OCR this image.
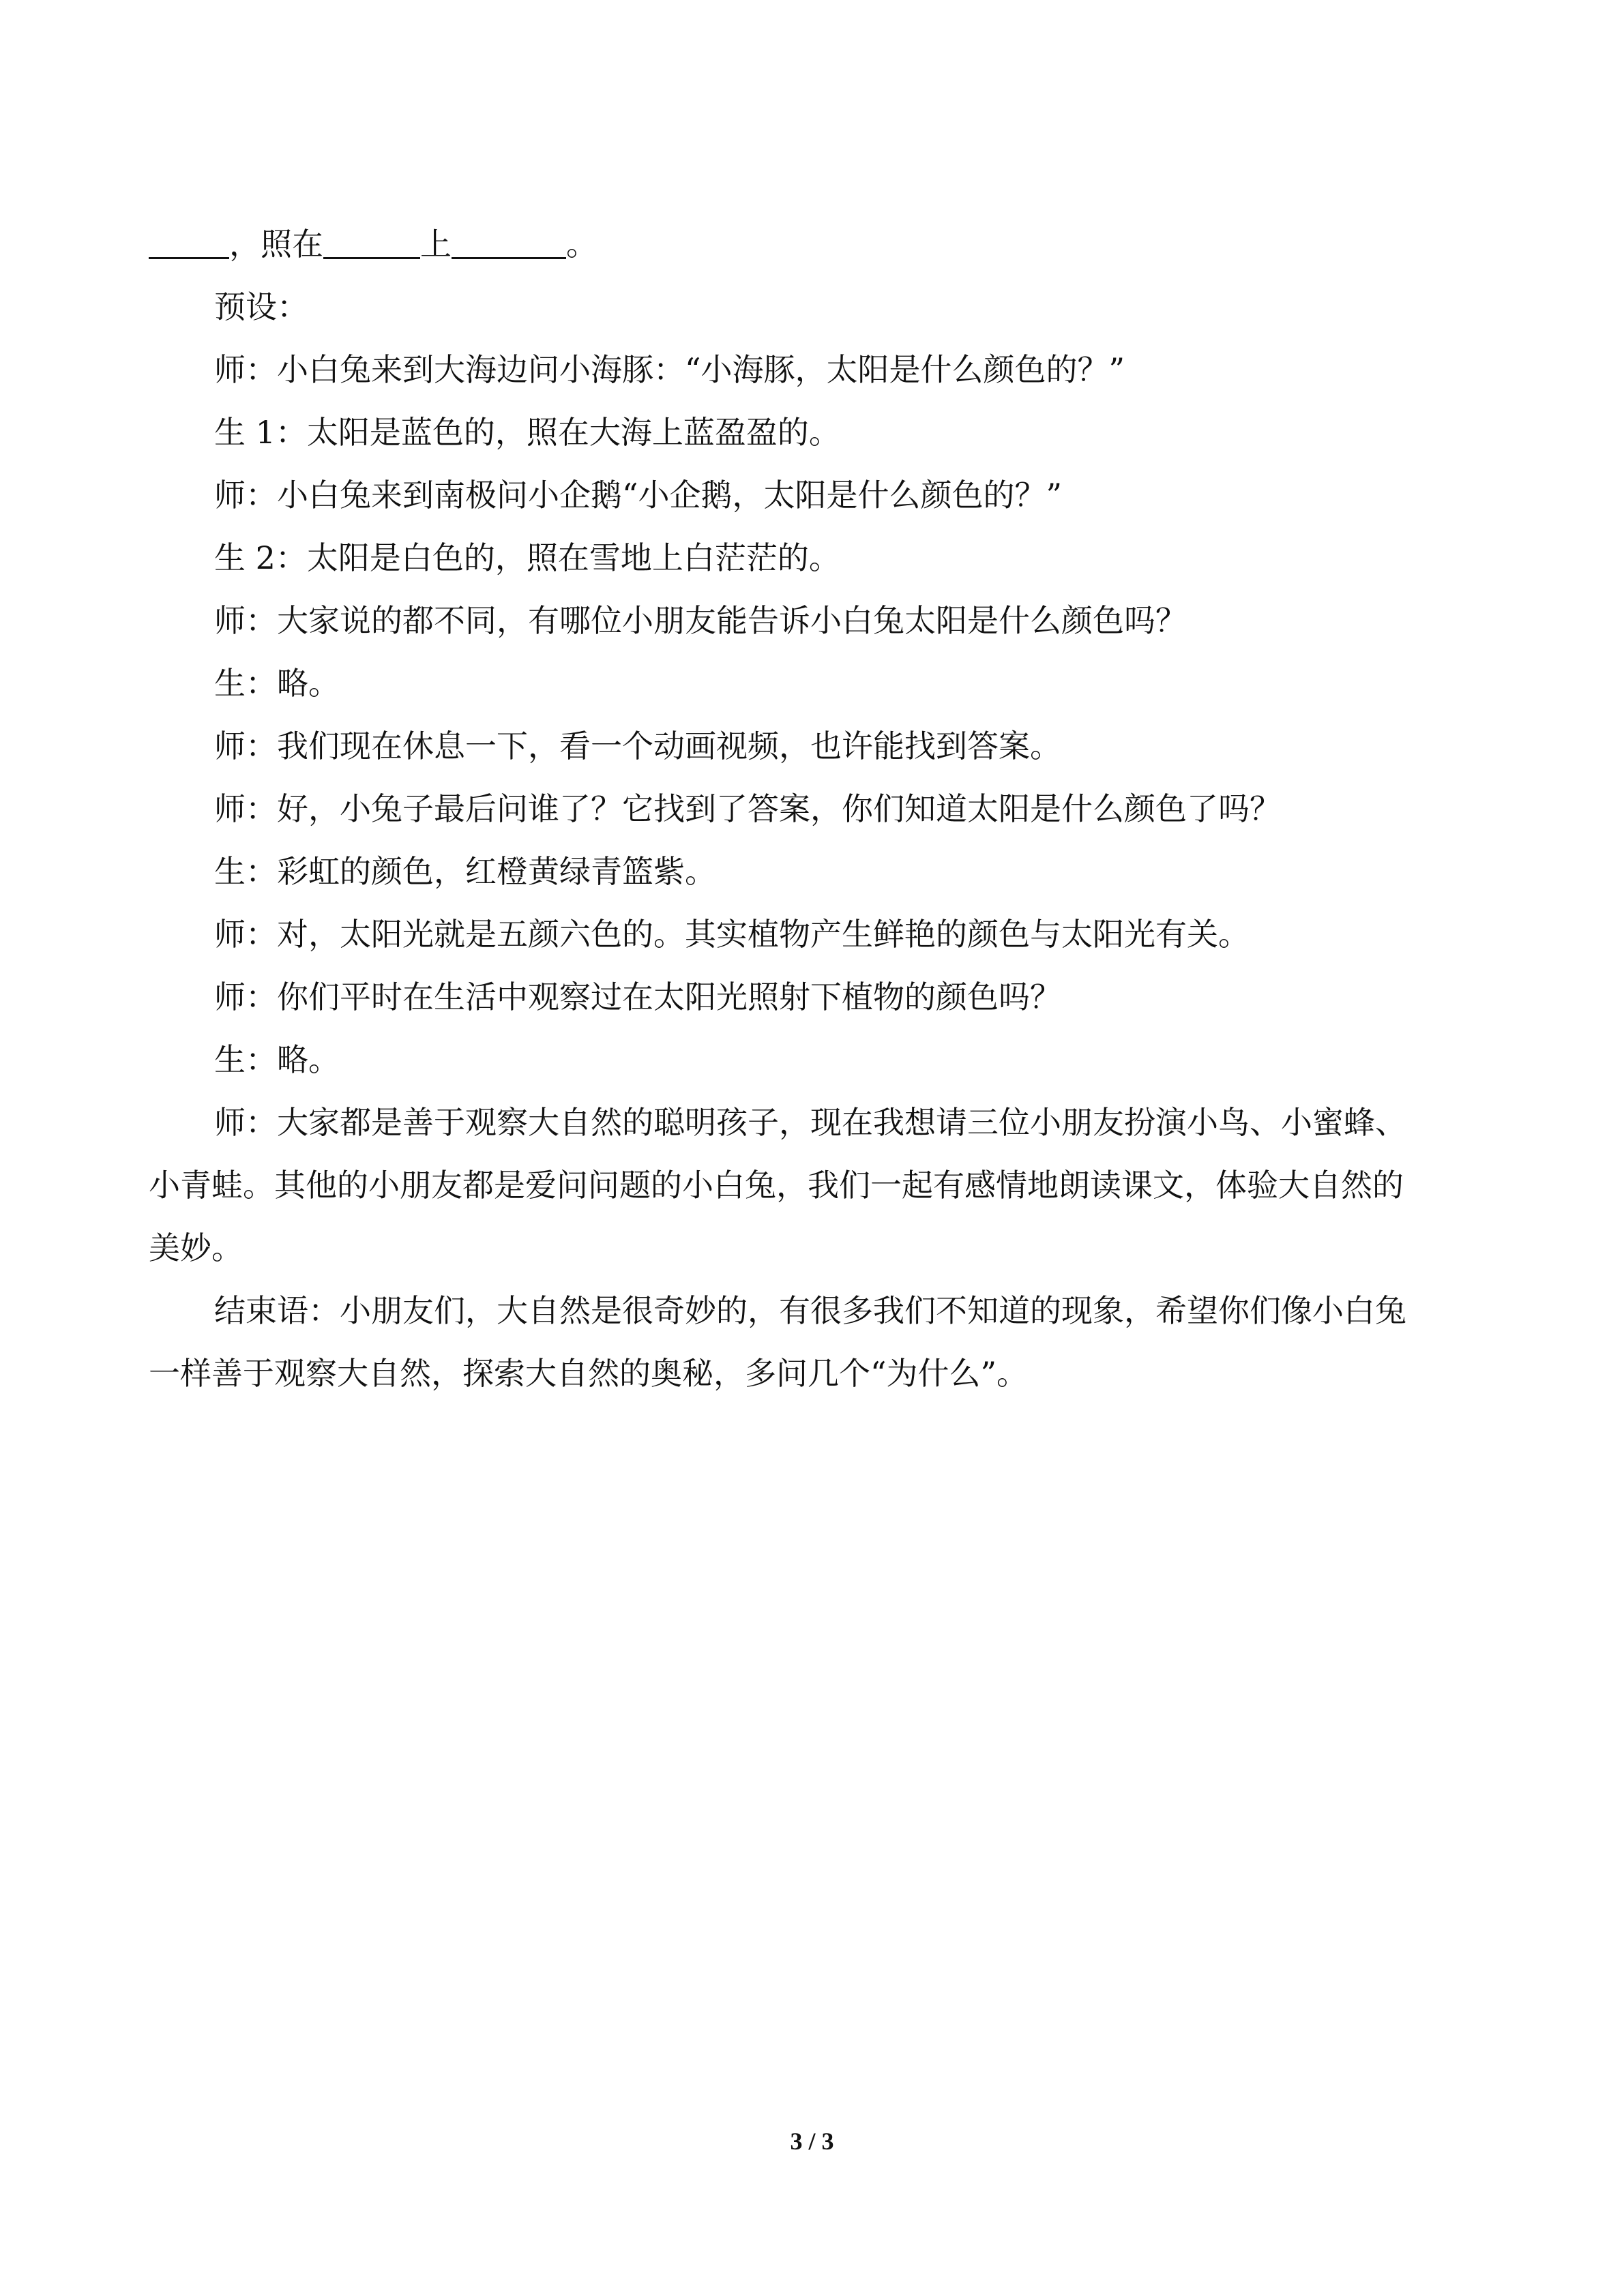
，照在	上	。

预设：

师：小白兔来到大海边问小海豚：“小海豚，太阳是什么颜色的？”

生 1：太阳是蓝色的，照在大海上蓝盈盈的。

师：小白兔来到南极问小企鹅“小企鹅，太阳是什么颜色的？”

生 2：太阳是白色的，照在雪地上白茫茫的。

师：大家说的都不同，有哪位小朋友能告诉小白兔太阳是什么颜色吗？

生：略。

师：我们现在休息一下，看一个动画视频，也许能找到答案。

师：好，小兔子最后问谁了？它找到了答案，你们知道太阳是什么颜色了吗？

生：彩虹的颜色，红橙黄绿青篮紫。

师：对，太阳光就是五颜六色的。其实植物产生鲜艳的颜色与太阳光有关。

师：你们平时在生活中观察过在太阳光照射下植物的颜色吗？

生：略。

师：大家都是善于观察大自然的聪明孩子，现在我想请三位小朋友扮演小鸟、小蜜蜂、

小青蛙。其他的小朋友都是爱问问题的小白兔，我们一起有感情地朗读课文，体验大自然的

美妙。

结束语：小朋友们，大自然是很奇妙的，有很多我们不知道的现象，希望你们像小白兔

一样善于观察大自然，探索大自然的奥秘，多问几个“为什么”。

3 / 3
